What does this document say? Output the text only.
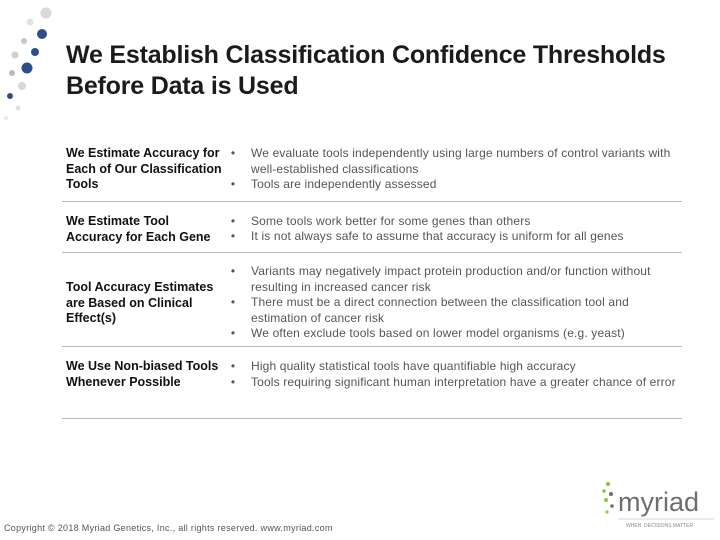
We Establish Classification Confidence Thresholds Before Data is Used
We Estimate Accuracy for Each of Our Classification Tools
• We evaluate tools independently using large numbers of control variants with well-established classifications
• Tools are independently assessed
We Estimate Tool Accuracy for Each Gene
• Some tools work better for some genes than others
• It is not always safe to assume that accuracy is uniform for all genes
Tool Accuracy Estimates are Based on Clinical Effect(s)
• Variants may negatively impact protein production and/or function without resulting in increased cancer risk
• There must be a direct connection between the classification tool and estimation of cancer risk
• We often exclude tools based on lower model organisms (e.g. yeast)
We Use Non-biased Tools Whenever Possible
• High quality statistical tools have quantifiable high accuracy
• Tools requiring significant human interpretation have a greater chance of error
myriad
WHEN DECISIONS MATTER
Copyright © 2018 Myriad Genetics, Inc., all rights reserved. www.myriad.com
